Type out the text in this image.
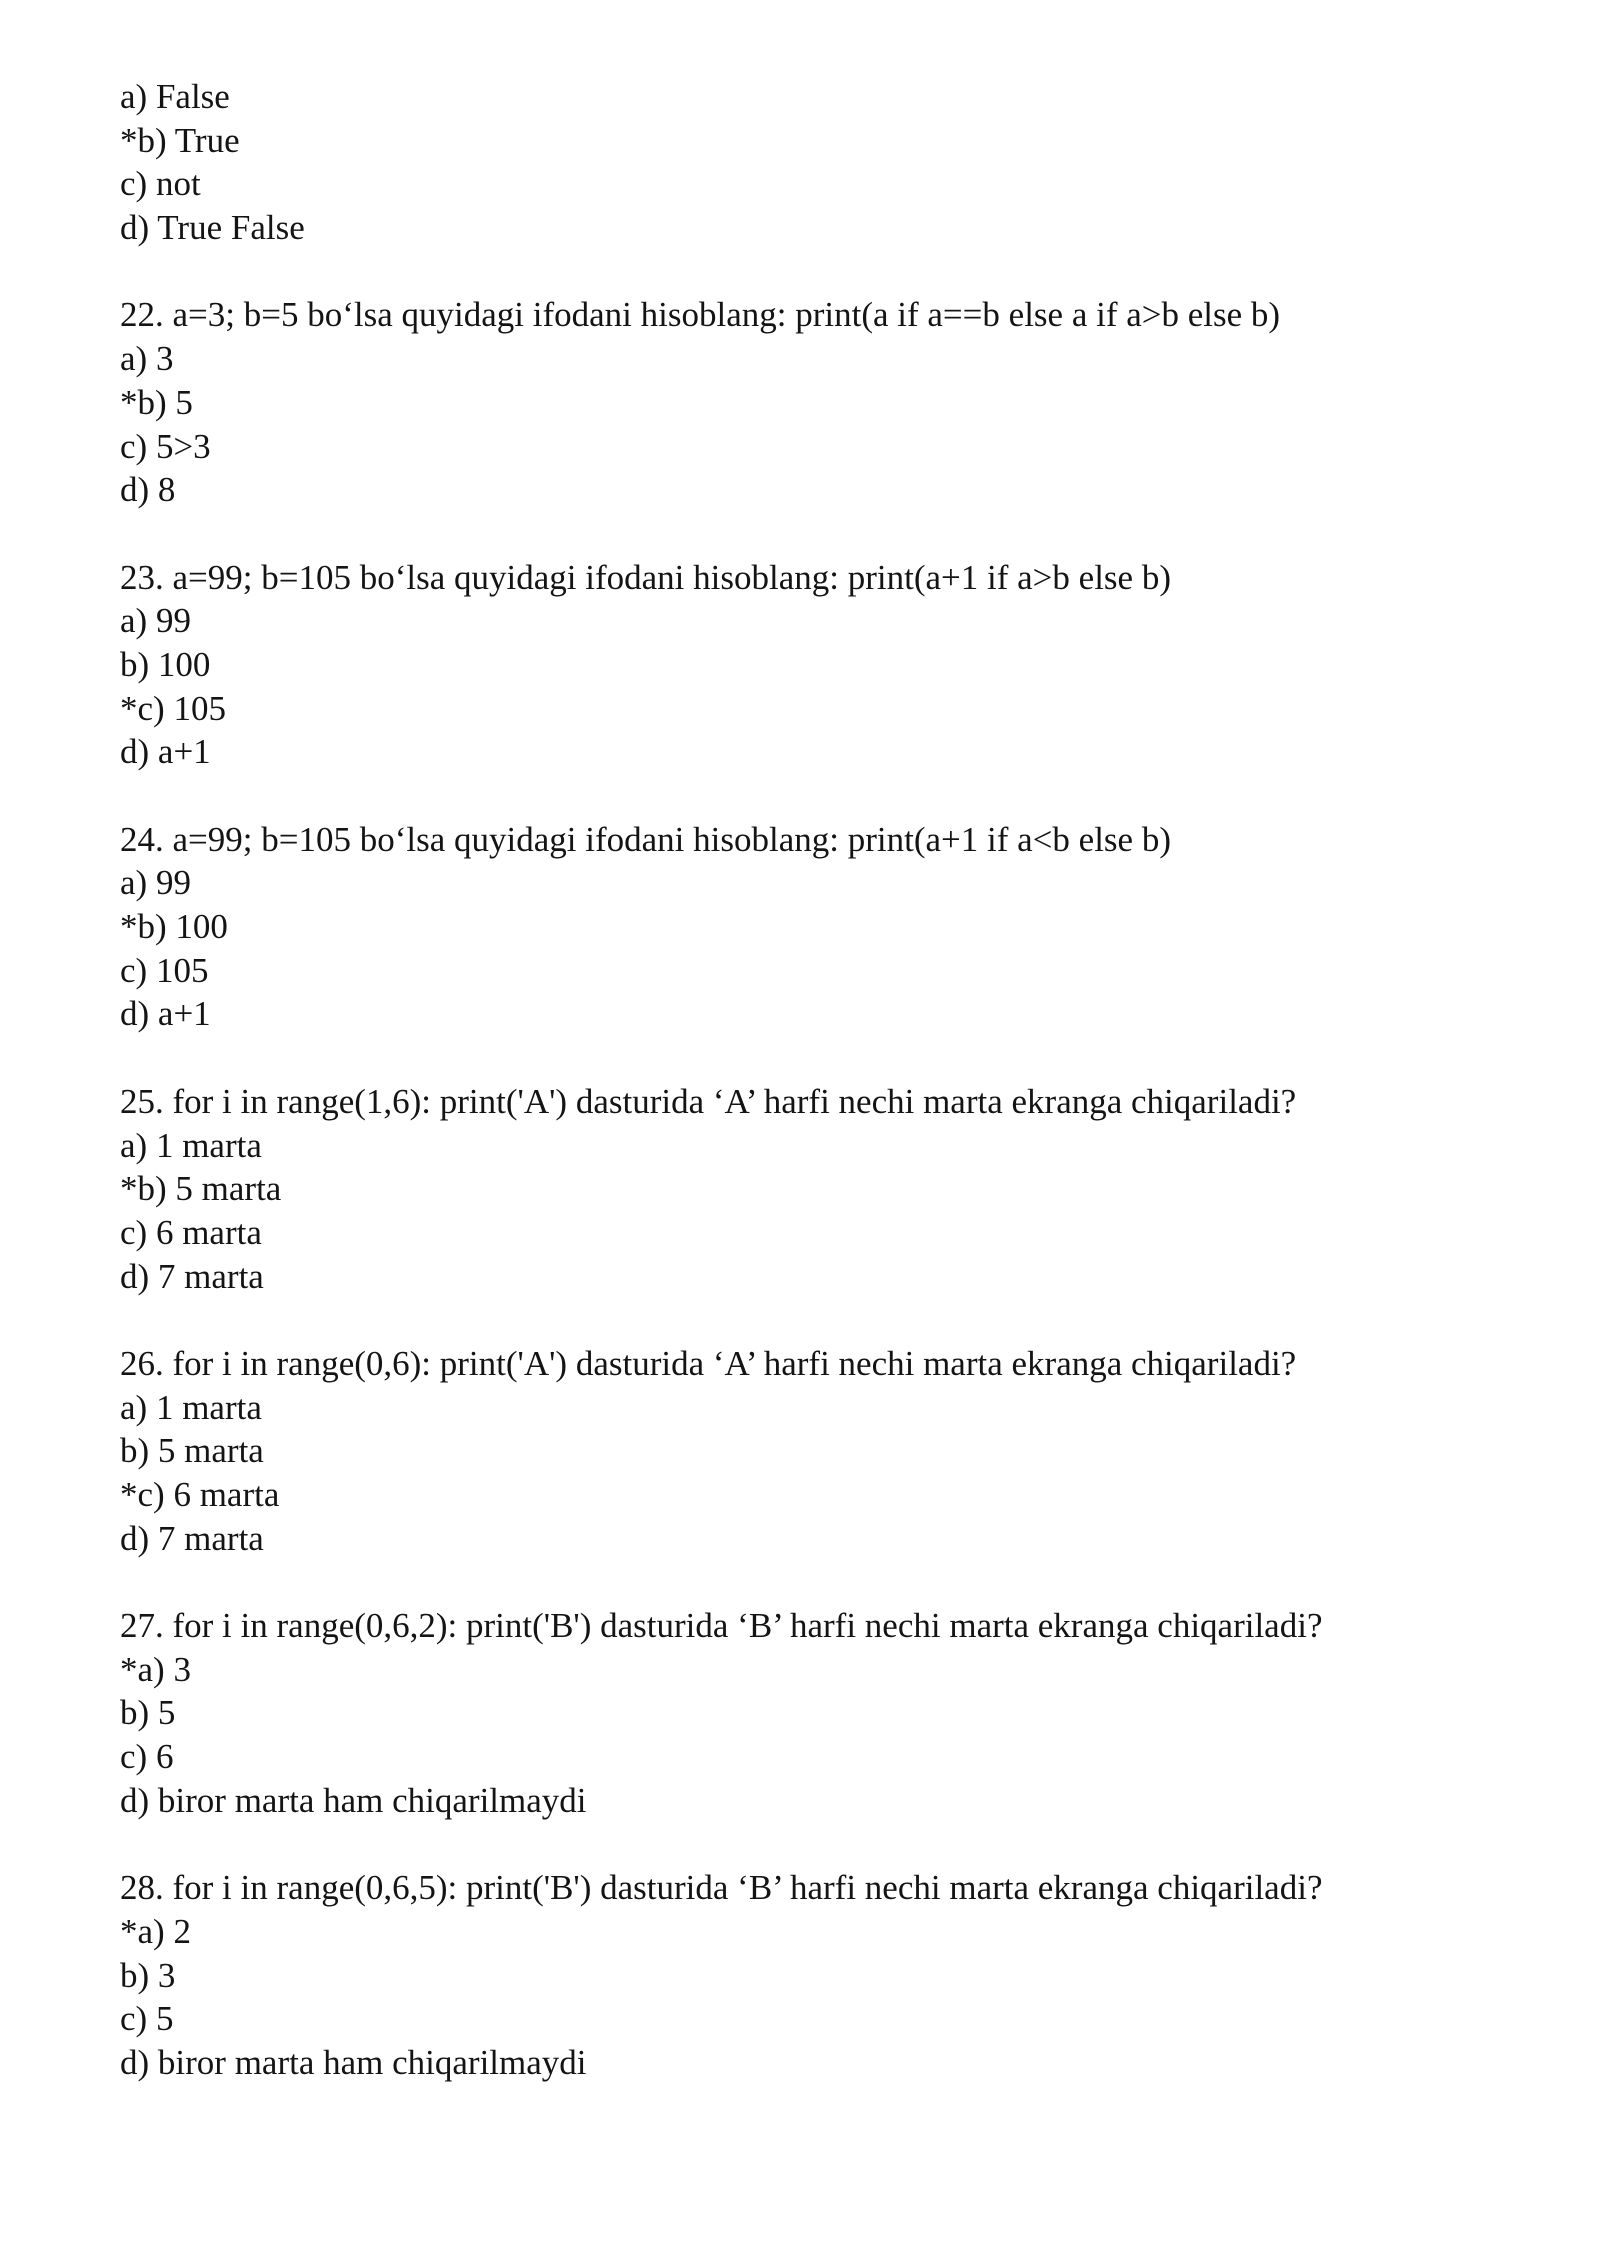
a) False
*b) True
c) not
d) True False
22. a=3; b=5 bo‘lsa quyidagi ifodani hisoblang: print(a if a==b else a if a>b else b)
a) 3
*b) 5
c) 5>3
d) 8
23. a=99; b=105 bo‘lsa quyidagi ifodani hisoblang: print(a+1 if a>b else b)
a) 99
b) 100
*c) 105
d) a+1
24. a=99; b=105 bo‘lsa quyidagi ifodani hisoblang: print(a+1 if a<b else b)
a) 99
*b) 100
c) 105
d) a+1
25. for i in range(1,6): print('A') dasturida ‘A’ harfi nechi marta ekranga chiqariladi?
a) 1 marta
*b) 5 marta
c) 6 marta
d) 7 marta
26. for i in range(0,6): print('A') dasturida ‘A’ harfi nechi marta ekranga chiqariladi?
a) 1 marta
b) 5 marta
*c) 6 marta
d) 7 marta
27. for i in range(0,6,2): print('B') dasturida ‘B’ harfi nechi marta ekranga chiqariladi?
*a) 3
b) 5
c) 6
d) biror marta ham chiqarilmaydi
28. for i in range(0,6,5): print('B') dasturida ‘B’ harfi nechi marta ekranga chiqariladi?
*a) 2
b) 3
c) 5
d) biror marta ham chiqarilmaydi
